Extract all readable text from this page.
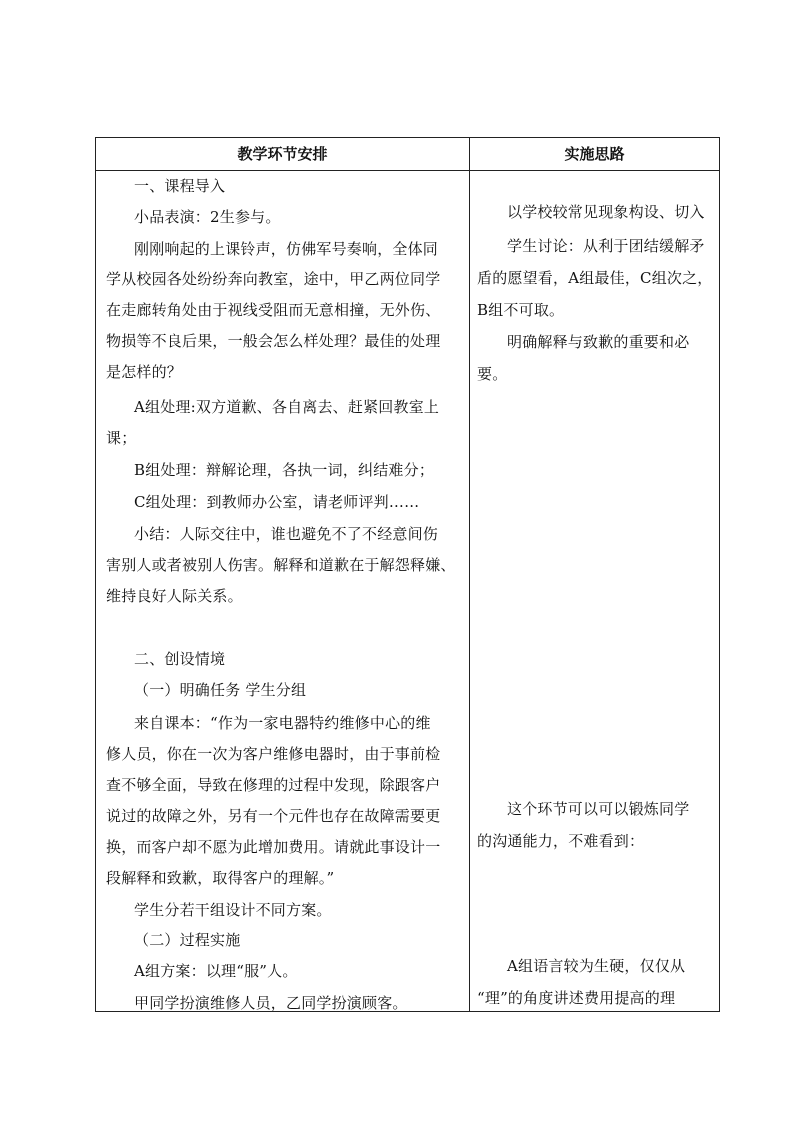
教学环节安排	实施思路
一、课程导入
小品表演：2生参与。
刚刚响起的上课铃声，仿佛军号奏响，全体同
学从校园各处纷纷奔向教室，途中，甲乙两位同学
在走廊转角处由于视线受阻而无意相撞，无外伤、
物损等不良后果，一般会怎么样处理？最佳的处理
是怎样的？
A组处理:双方道歉、各自离去、赶紧回教室上
课；
B组处理：辩解论理，各执一词，纠结难分；
C组处理：到教师办公室，请老师评判……
小结：人际交往中，谁也避免不了不经意间伤
害别人或者被别人伤害。解释和道歉在于解怨释嫌、
维持良好人际关系。
二、创设情境
（一）明确任务 学生分组
来自课本：“作为一家电器特约维修中心的维
修人员，你在一次为客户维修电器时，由于事前检
查不够全面，导致在修理的过程中发现，除跟客户
说过的故障之外，另有一个元件也存在故障需要更
换，而客户却不愿为此增加费用。请就此事设计一
段解释和致歉，取得客户的理解。”
学生分若干组设计不同方案。
（二）过程实施
A组方案：以理“服”人。
甲同学扮演维修人员，乙同学扮演顾客。
以学校较常见现象构设、切入
学生讨论：从利于团结缓解矛
盾的愿望看，A组最佳，C组次之，
B组不可取。
明确解释与致歉的重要和必
要。
这个环节可以可以锻炼同学
的沟通能力，不难看到：
A组语言较为生硬，仅仅从
“理”的角度讲述费用提高的理
